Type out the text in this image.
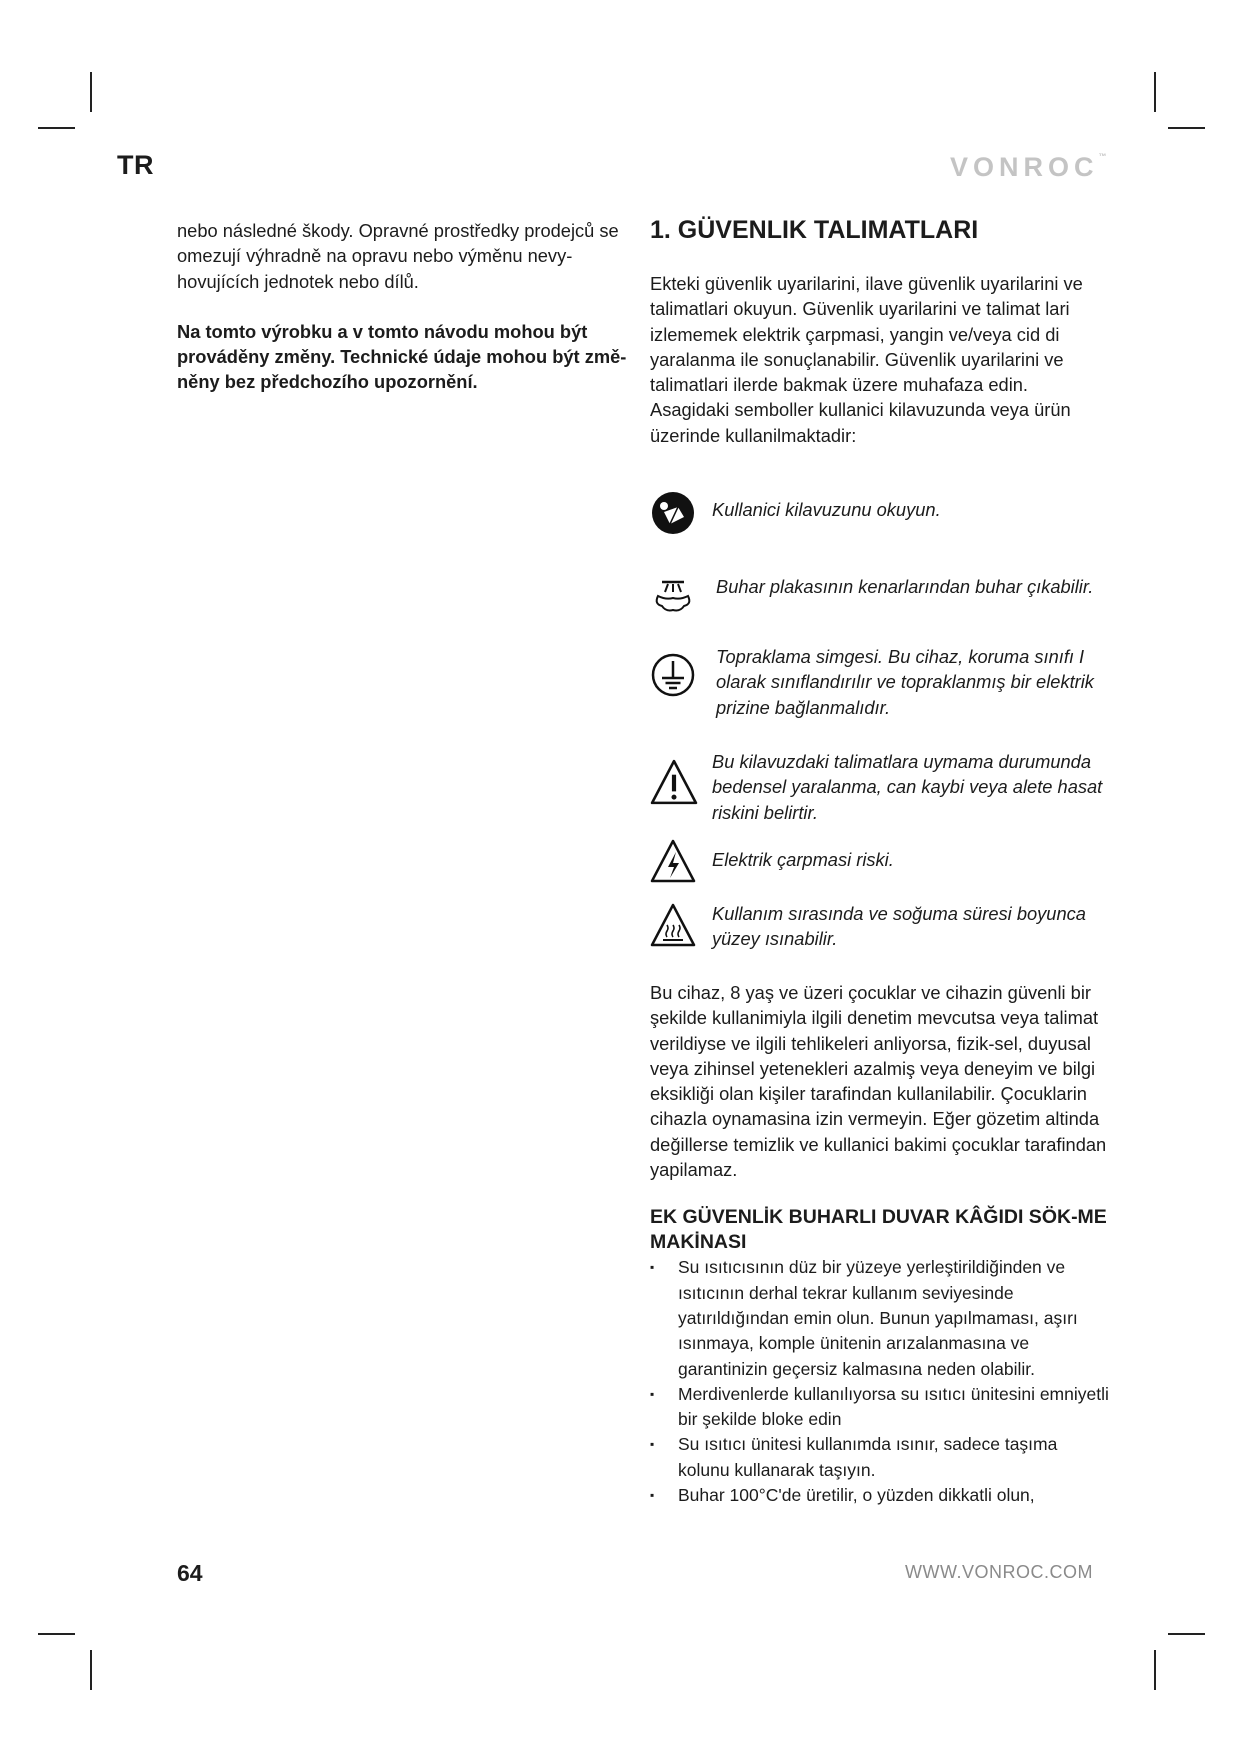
TR	VONROC™

nebo následné škody. Opravné prostředky prodejců se omezují výhradně na opravu nebo výměnu nevy-hovujících jednotek nebo dílů.

Na tomto výrobku a v tomto návodu mohou být prováděny změny. Technické údaje mohou být změ-něny bez předchozího upozornění.

1. GÜVENLIK TALIMATLARI

Ekteki güvenlik uyarilarini, ilave güvenlik uyarilarini ve talimatlari okuyun. Güvenlik uyarilarini ve talimat lari izlememek elektrik çarpmasi, yangin ve/veya cid di yaralanma ile sonuçlanabilir. Güvenlik uyarilarini ve talimatlari ilerde bakmak üzere muhafaza edin.

Asagidaki semboller kullanici kilavuzunda veya ürün üzerinde kullanilmaktadir:

Kullanici kilavuzunu okuyun.
Buhar plakasının kenarlarından buhar çıkabilir.
Topraklama simgesi. Bu cihaz, koruma sınıfı I olarak sınıflandırılır ve topraklanmış bir elektrik prizine bağlanmalıdır.
Bu kilavuzdaki talimatlara uymama durumunda bedensel yaralanma, can kaybi veya alete hasat riskini belirtir.
Elektrik çarpmasi riski.
Kullanım sırasında ve soğuma süresi boyunca yüzey ısınabilir.

Bu cihaz, 8 yaş ve üzeri çocuklar ve cihazin güvenli bir şekilde kullanimiyla ilgili denetim mevcutsa veya talimat verildiyse ve ilgili tehlikeleri anliyorsa, fizik-sel, duyusal veya zihinsel yetenekleri azalmiş veya deneyim ve bilgi eksikliği olan kişiler tarafindan kullanilabilir. Çocuklarin cihazla oynamasina izin vermeyin. Eğer gözetim altinda değillerse temizlik ve kullanici bakimi çocuklar tarafindan yapilamaz.

EK GÜVENLİK BUHARLI DUVAR KÂĞIDI SÖK-ME MAKİNASI
▪ Su ısıtıcısının düz bir yüzeye yerleştirildiğinden ve ısıtıcının derhal tekrar kullanım seviyesinde yatırıldığından emin olun. Bunun yapılmaması, aşırı ısınmaya, komple ünitenin arızalanmasına ve garantinizin geçersiz kalmasına neden olabilir.
▪ Merdivenlerde kullanılıyorsa su ısıtıcı ünitesini emniyetli bir şekilde bloke edin
▪ Su ısıtıcı ünitesi kullanımda ısınır, sadece taşıma kolunu kullanarak taşıyın.
▪ Buhar 100°C'de üretilir, o yüzden dikkatli olun,
64	WWW.VONROC.COM
